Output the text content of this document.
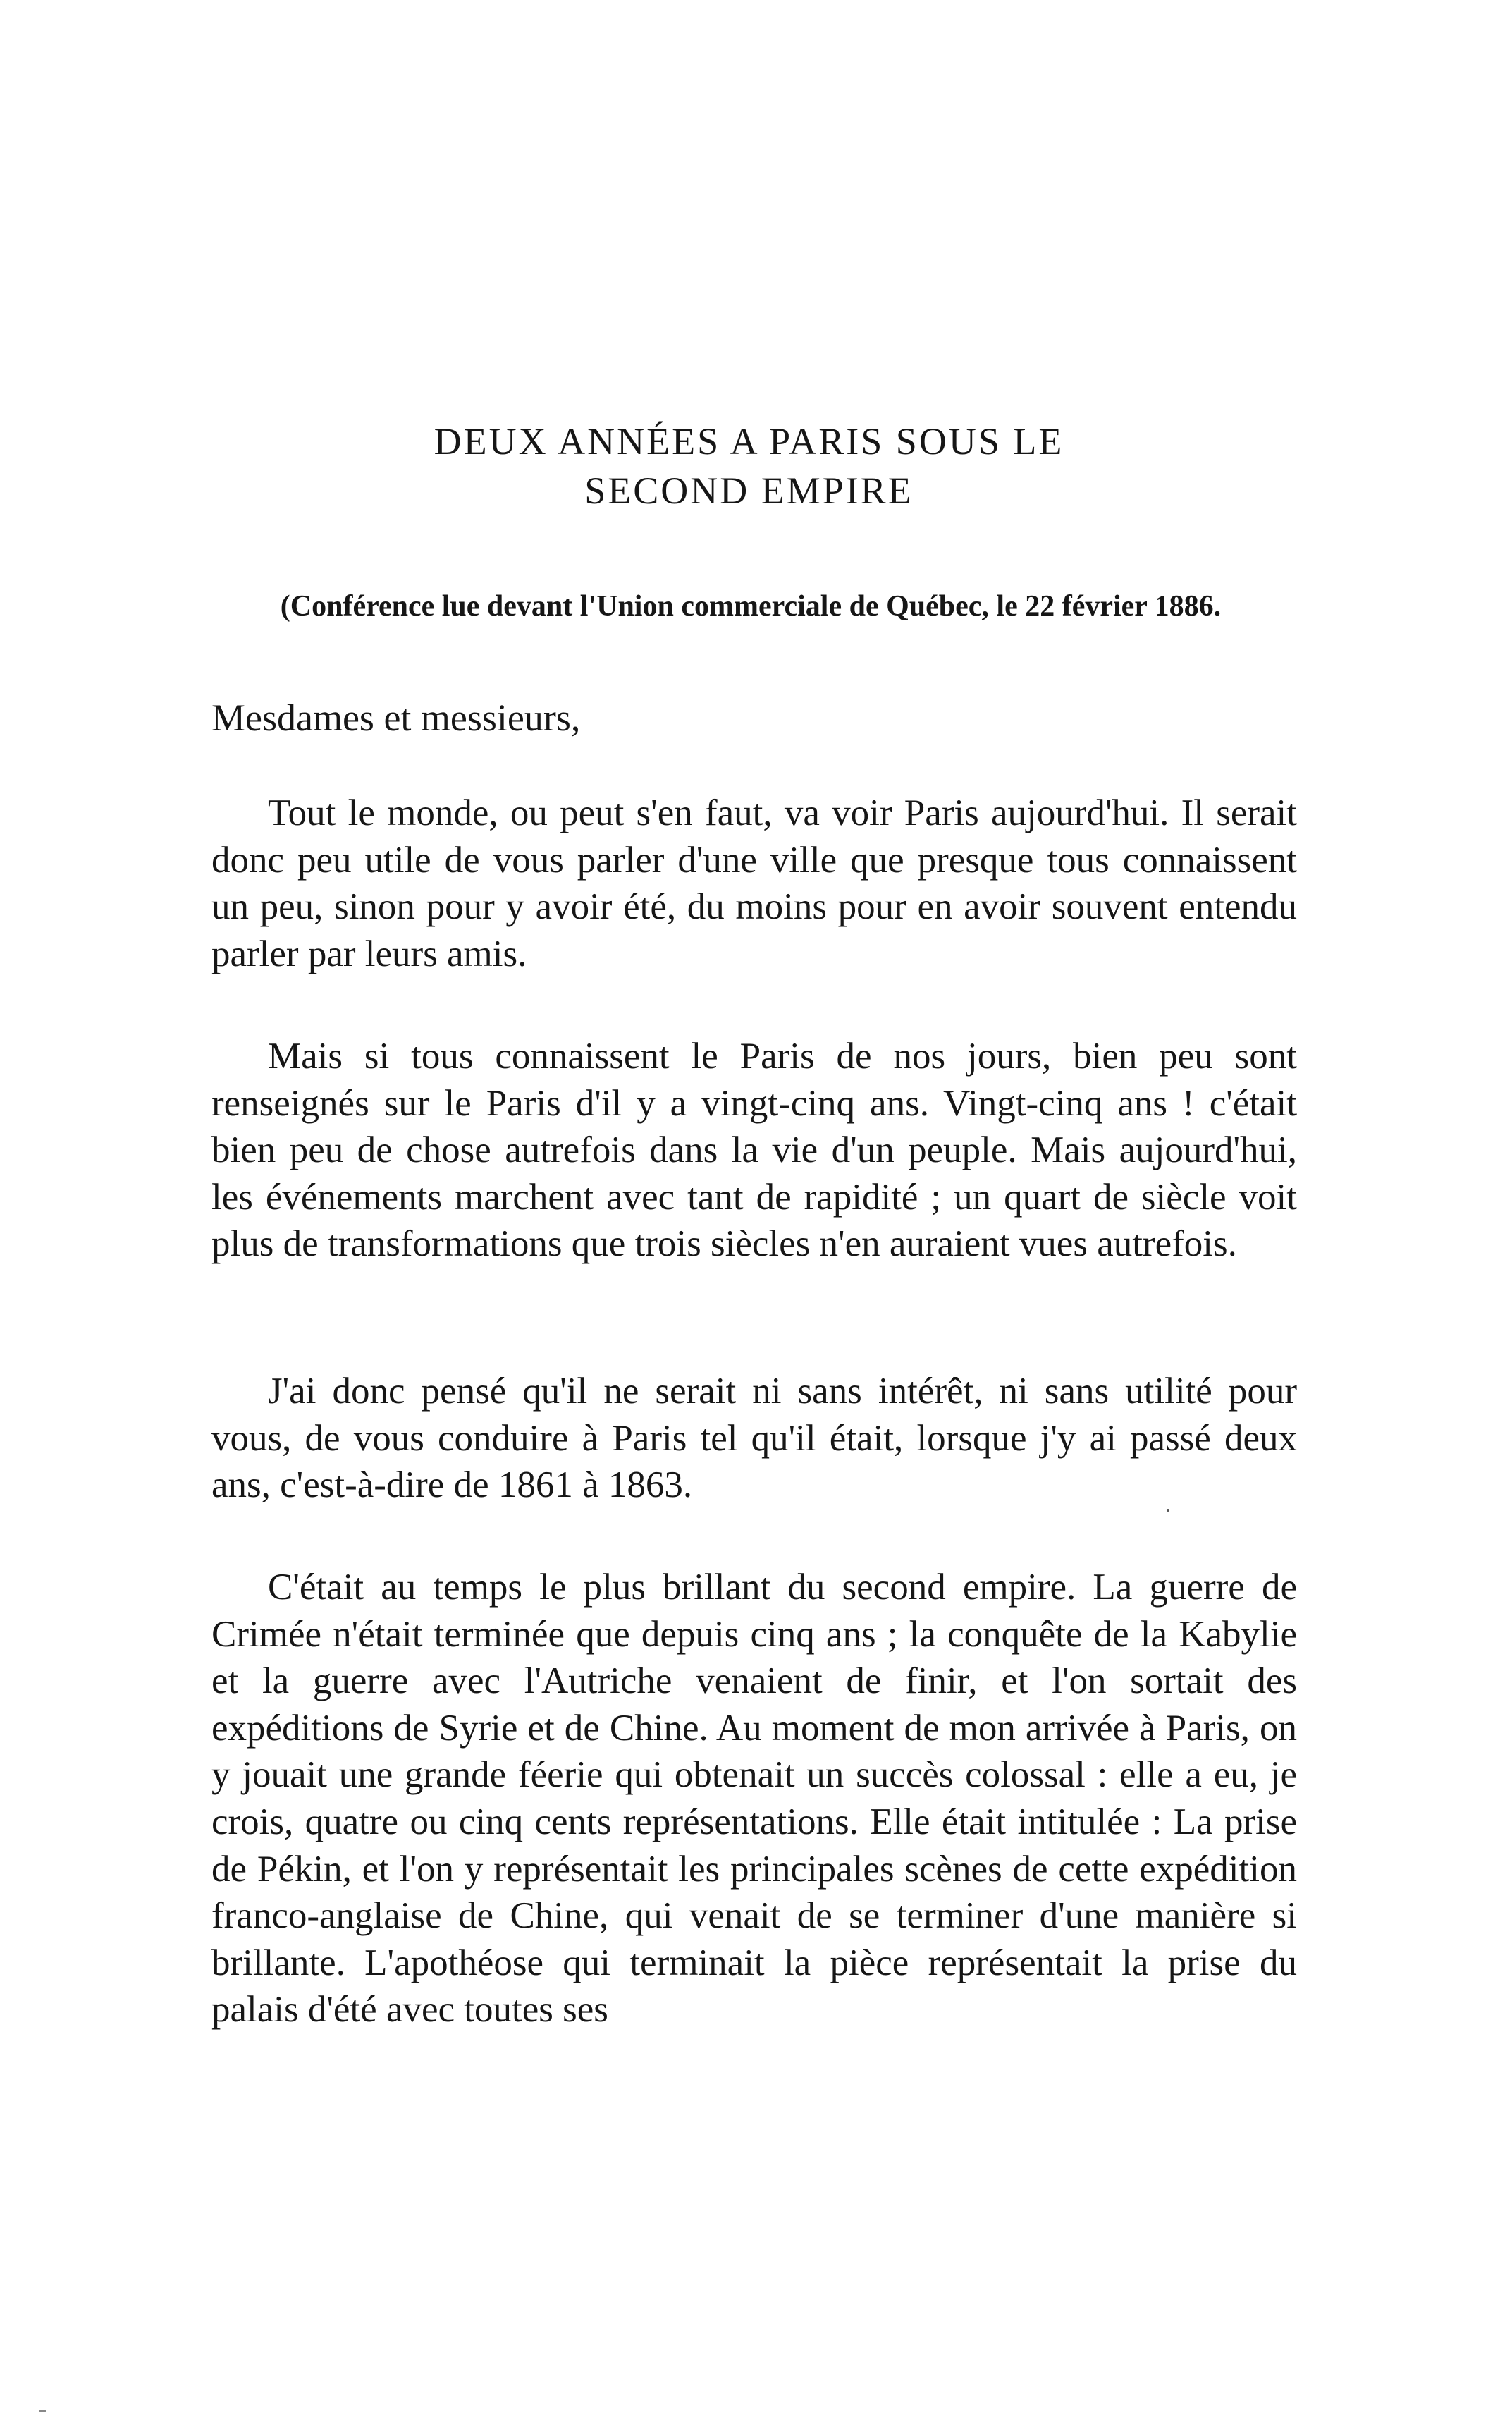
DEUX ANNÉES A PARIS SOUS LE
SECOND EMPIRE

(Conférence lue devant l'Union commerciale de Québec, le 22 février 1886.

Mesdames et messieurs,

Tout le monde, ou peut s'en faut, va voir Paris aujourd'hui. Il serait donc peu utile de vous parler d'une ville que presque tous connaissent un peu, sinon pour y avoir été, du moins pour en avoir souvent entendu parler par leurs amis.

Mais si tous connaissent le Paris de nos jours, bien peu sont renseignés sur le Paris d'il y a vingt-cinq ans. Vingt-cinq ans ! c'était bien peu de chose autrefois dans la vie d'un peuple. Mais aujourd'hui, les événements marchent avec tant de rapidité ; un quart de siècle voit plus de transformations que trois siècles n'en auraient vues autrefois.

J'ai donc pensé qu'il ne serait ni sans intérêt, ni sans utilité pour vous, de vous conduire à Paris tel qu'il était, lorsque j'y ai passé deux ans, c'est-à-dire de 1861 à 1863.

C'était au temps le plus brillant du second empire. La guerre de Crimée n'était terminée que depuis cinq ans ; la conquête de la Kabylie et la guerre avec l'Autriche venaient de finir, et l'on sortait des expéditions de Syrie et de Chine. Au moment de mon arrivée à Paris, on y jouait une grande féerie qui obtenait un succès colossal : elle a eu, je crois, quatre ou cinq cents représentations. Elle était intitulée : La prise de Pékin, et l'on y représentait les principales scènes de cette expédition franco-anglaise de Chine, qui venait de se terminer d'une manière si brillante. L'apothéose qui terminait la pièce représentait la prise du palais d'été avec toutes ses
